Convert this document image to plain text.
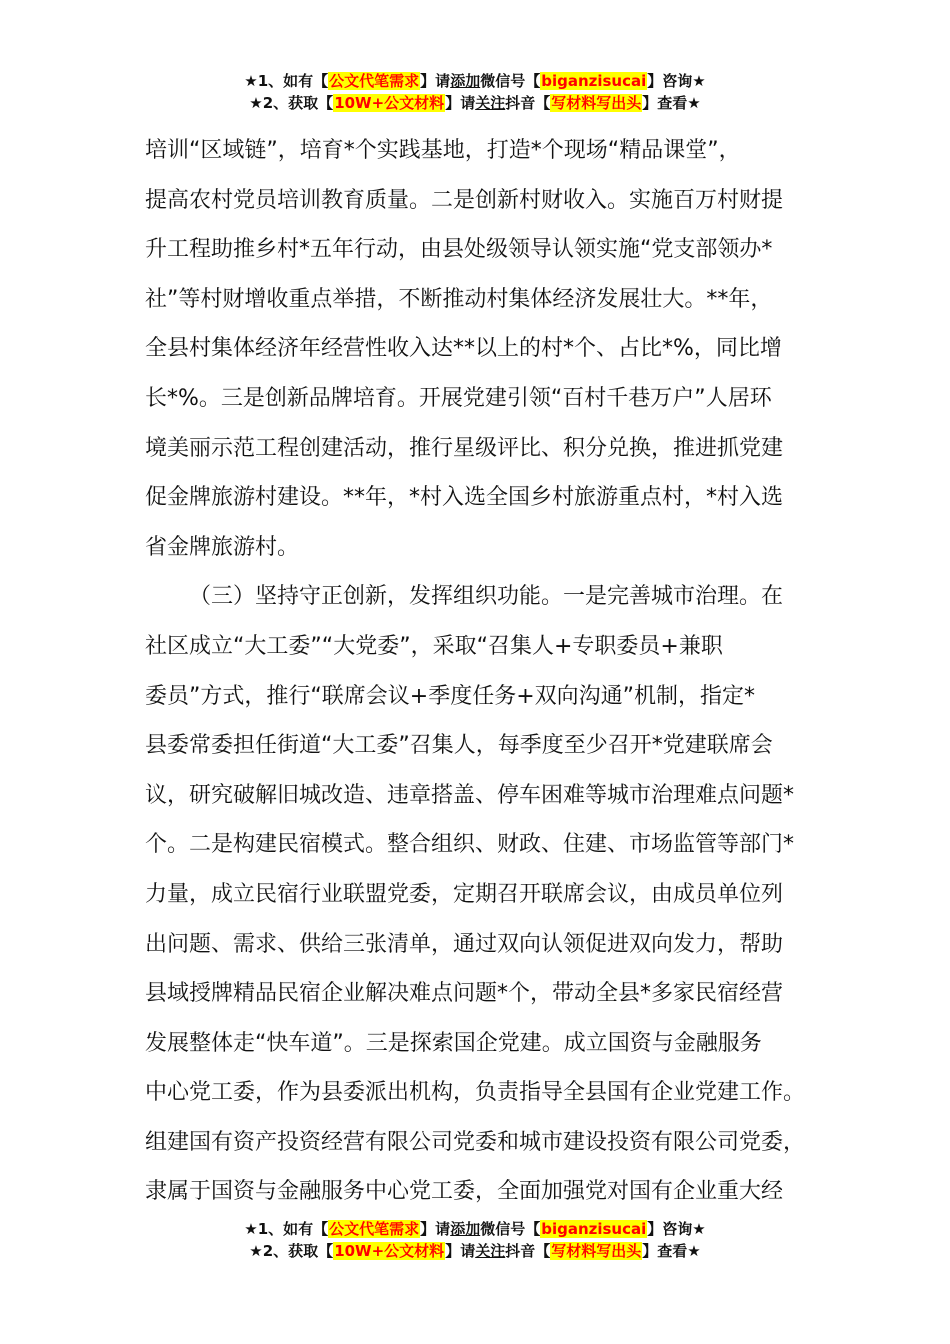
★1、如有【公文代笔需求】请添加微信号【biganzisucai】咨询★
★2、获取【10W+公文材料】请关注抖音【写材料写出头】查看★
培训“区域链”，培育*个实践基地，打造*个现场“精品课堂”，
提高农村党员培训教育质量。二是创新村财收入。实施百万村财提
升工程助推乡村*五年行动，由县处级领导认领实施“党支部领办*
社”等村财增收重点举措，不断推动村集体经济发展壮大。**年，
全县村集体经济年经营性收入达**以上的村*个、占比*%，同比增
长*%。三是创新品牌培育。开展党建引领“百村千巷万户”人居环
境美丽示范工程创建活动，推行星级评比、积分兑换，推进抓党建
促金牌旅游村建设。**年，*村入选全国乡村旅游重点村，*村入选
省金牌旅游村。
（三）坚持守正创新，发挥组织功能。一是完善城市治理。在
社区成立“大工委”“大党委”，采取“召集人+专职委员+兼职
委员”方式，推行“联席会议+季度任务+双向沟通”机制，指定*
县委常委担任街道“大工委”召集人，每季度至少召开*党建联席会
议，研究破解旧城改造、违章搭盖、停车困难等城市治理难点问题*
个。二是构建民宿模式。整合组织、财政、住建、市场监管等部门*
力量，成立民宿行业联盟党委，定期召开联席会议，由成员单位列
出问题、需求、供给三张清单，通过双向认领促进双向发力，帮助
县域授牌精品民宿企业解决难点问题*个，带动全县*多家民宿经营
发展整体走“快车道”。三是探索国企党建。成立国资与金融服务
中心党工委，作为县委派出机构，负责指导全县国有企业党建工作。
组建国有资产投资经营有限公司党委和城市建设投资有限公司党委，
隶属于国资与金融服务中心党工委，全面加强党对国有企业重大经
★1、如有【公文代笔需求】请添加微信号【biganzisucai】咨询★
★2、获取【10W+公文材料】请关注抖音【写材料写出头】查看★
